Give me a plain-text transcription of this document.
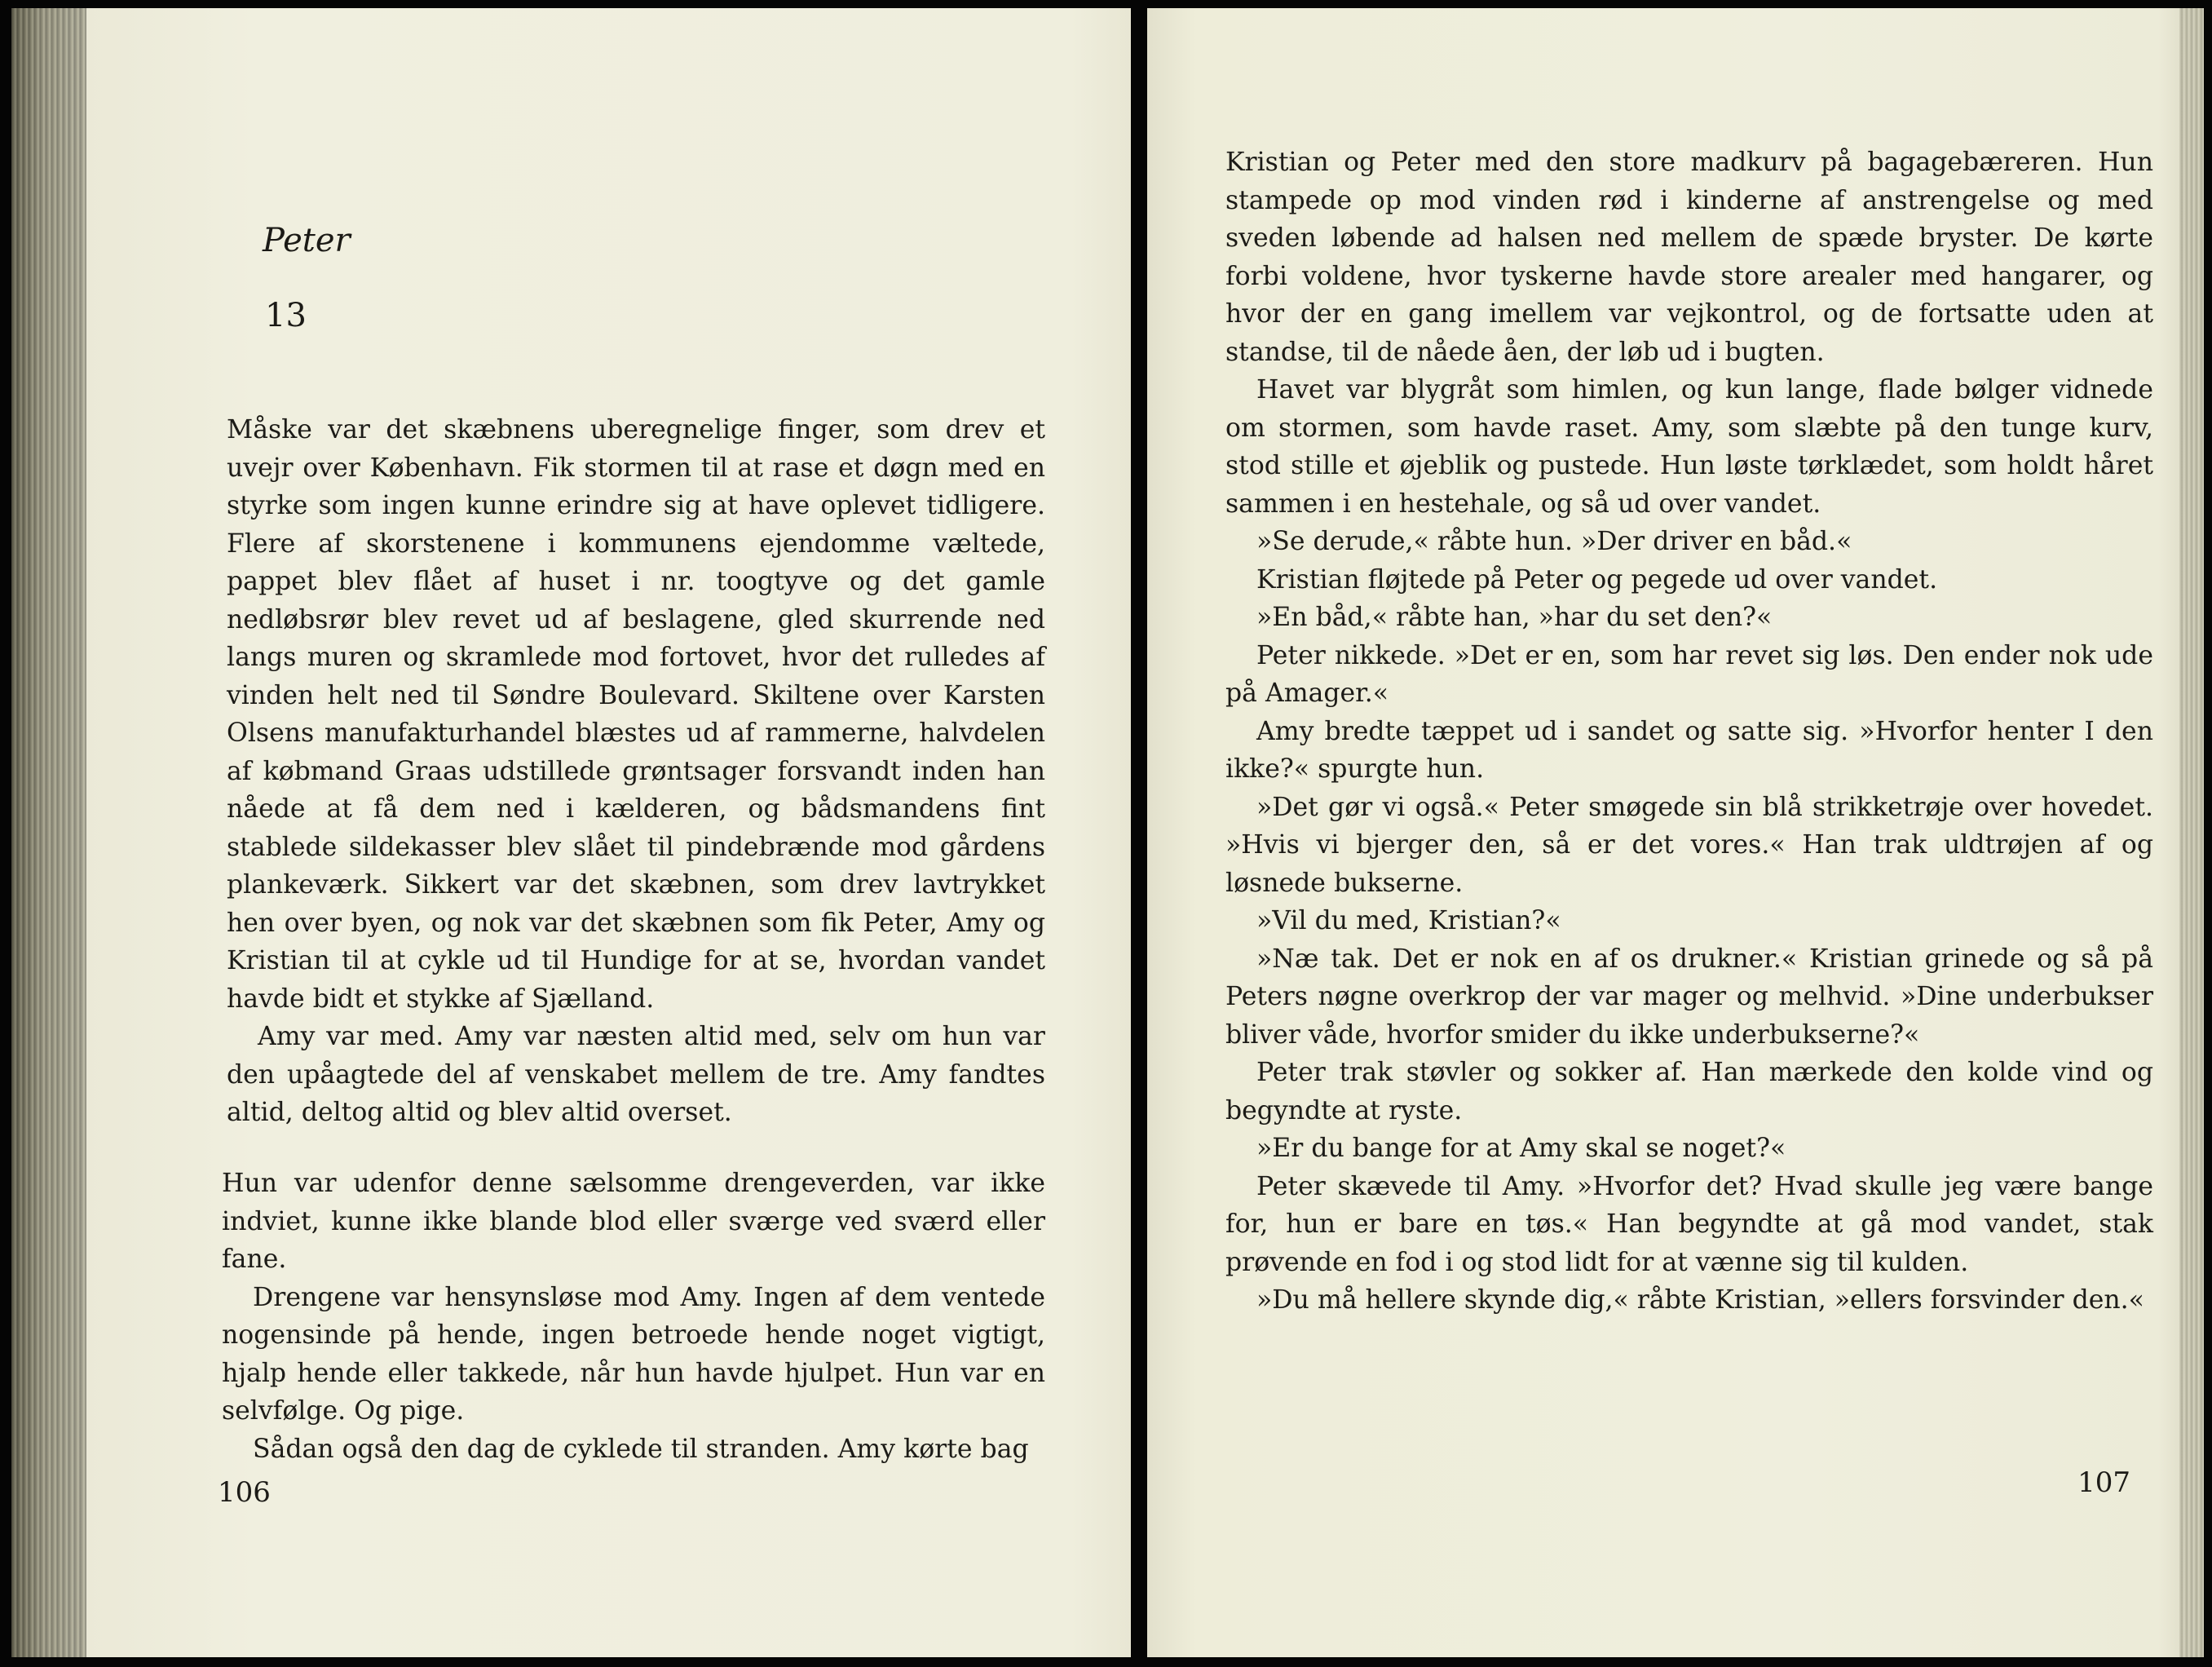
Peter
13

Måske var det skæbnens uberegnelige finger, som drev et uvejr over København. Fik stormen til at rase et døgn med en styrke som ingen kunne erindre sig at have oplevet tidligere. Flere af skorstenene i kommunens ejendomme væltede, pappet blev flået af huset i nr. toogtyve og det gamle nedløbsrør blev revet ud af beslagene, gled skurrende ned langs muren og skramlede mod fortovet, hvor det rulledes af vinden helt ned til Søndre Boulevard. Skiltene over Karsten Olsens manufakturhandel blæstes ud af rammerne, halvdelen af købmand Graas udstillede grøntsager forsvandt inden han nåede at få dem ned i kælderen, og bådsmandens fint stablede sildekasser blev slået til pindebrænde mod gårdens plankeværk. Sikkert var det skæbnen, som drev lavtrykket hen over byen, og nok var det skæbnen som fik Peter, Amy og Kristian til at cykle ud til Hundige for at se, hvordan vandet havde bidt et stykke af Sjælland.

Amy var med. Amy var næsten altid med, selv om hun var den upåagtede del af venskabet mellem de tre. Amy fandtes altid, deltog altid og blev altid overset.

Hun var udenfor denne sælsomme drengeverden, var ikke indviet, kunne ikke blande blod eller sværge ved sværd eller fane.

Drengene var hensynsløse mod Amy. Ingen af dem ventede nogensinde på hende, ingen betroede hende noget vigtigt, hjalp hende eller takkede, når hun havde hjulpet. Hun var en selvfølge. Og pige.

Sådan også den dag de cyklede til stranden. Amy kørte bag

106

Kristian og Peter med den store madkurv på bagagebæreren. Hun stampede op mod vinden rød i kinderne af anstrengelse og med sveden løbende ad halsen ned mellem de spæde bryster. De kørte forbi voldene, hvor tyskerne havde store arealer med hangarer, og hvor der en gang imellem var vejkontrol, og de fortsatte uden at standse, til de nåede åen, der løb ud i bugten.

Havet var blygråt som himlen, og kun lange, flade bølger vidnede om stormen, som havde raset. Amy, som slæbte på den tunge kurv, stod stille et øjeblik og pustede. Hun løste tørklædet, som holdt håret sammen i en hestehale, og så ud over vandet.

»Se derude,« råbte hun. »Der driver en båd.«

Kristian fløjtede på Peter og pegede ud over vandet.

»En båd,« råbte han, »har du set den?«

Peter nikkede. »Det er en, som har revet sig løs. Den ender nok ude på Amager.«

Amy bredte tæppet ud i sandet og satte sig. »Hvorfor henter I den ikke?« spurgte hun.

»Det gør vi også.« Peter smøgede sin blå strikketrøje over hovedet. »Hvis vi bjerger den, så er det vores.« Han trak uldtrøjen af og løsnede bukserne.

»Vil du med, Kristian?«

»Næ tak. Det er nok en af os drukner.« Kristian grinede og så på Peters nøgne overkrop der var mager og melhvid. »Dine underbukser bliver våde, hvorfor smider du ikke underbukserne?«

Peter trak støvler og sokker af. Han mærkede den kolde vind og begyndte at ryste.

»Er du bange for at Amy skal se noget?«

Peter skævede til Amy. »Hvorfor det? Hvad skulle jeg være bange for, hun er bare en tøs.« Han begyndte at gå mod vandet, stak prøvende en fod i og stod lidt for at vænne sig til kulden.

»Du må hellere skynde dig,« råbte Kristian, »ellers forsvinder den.«

107
